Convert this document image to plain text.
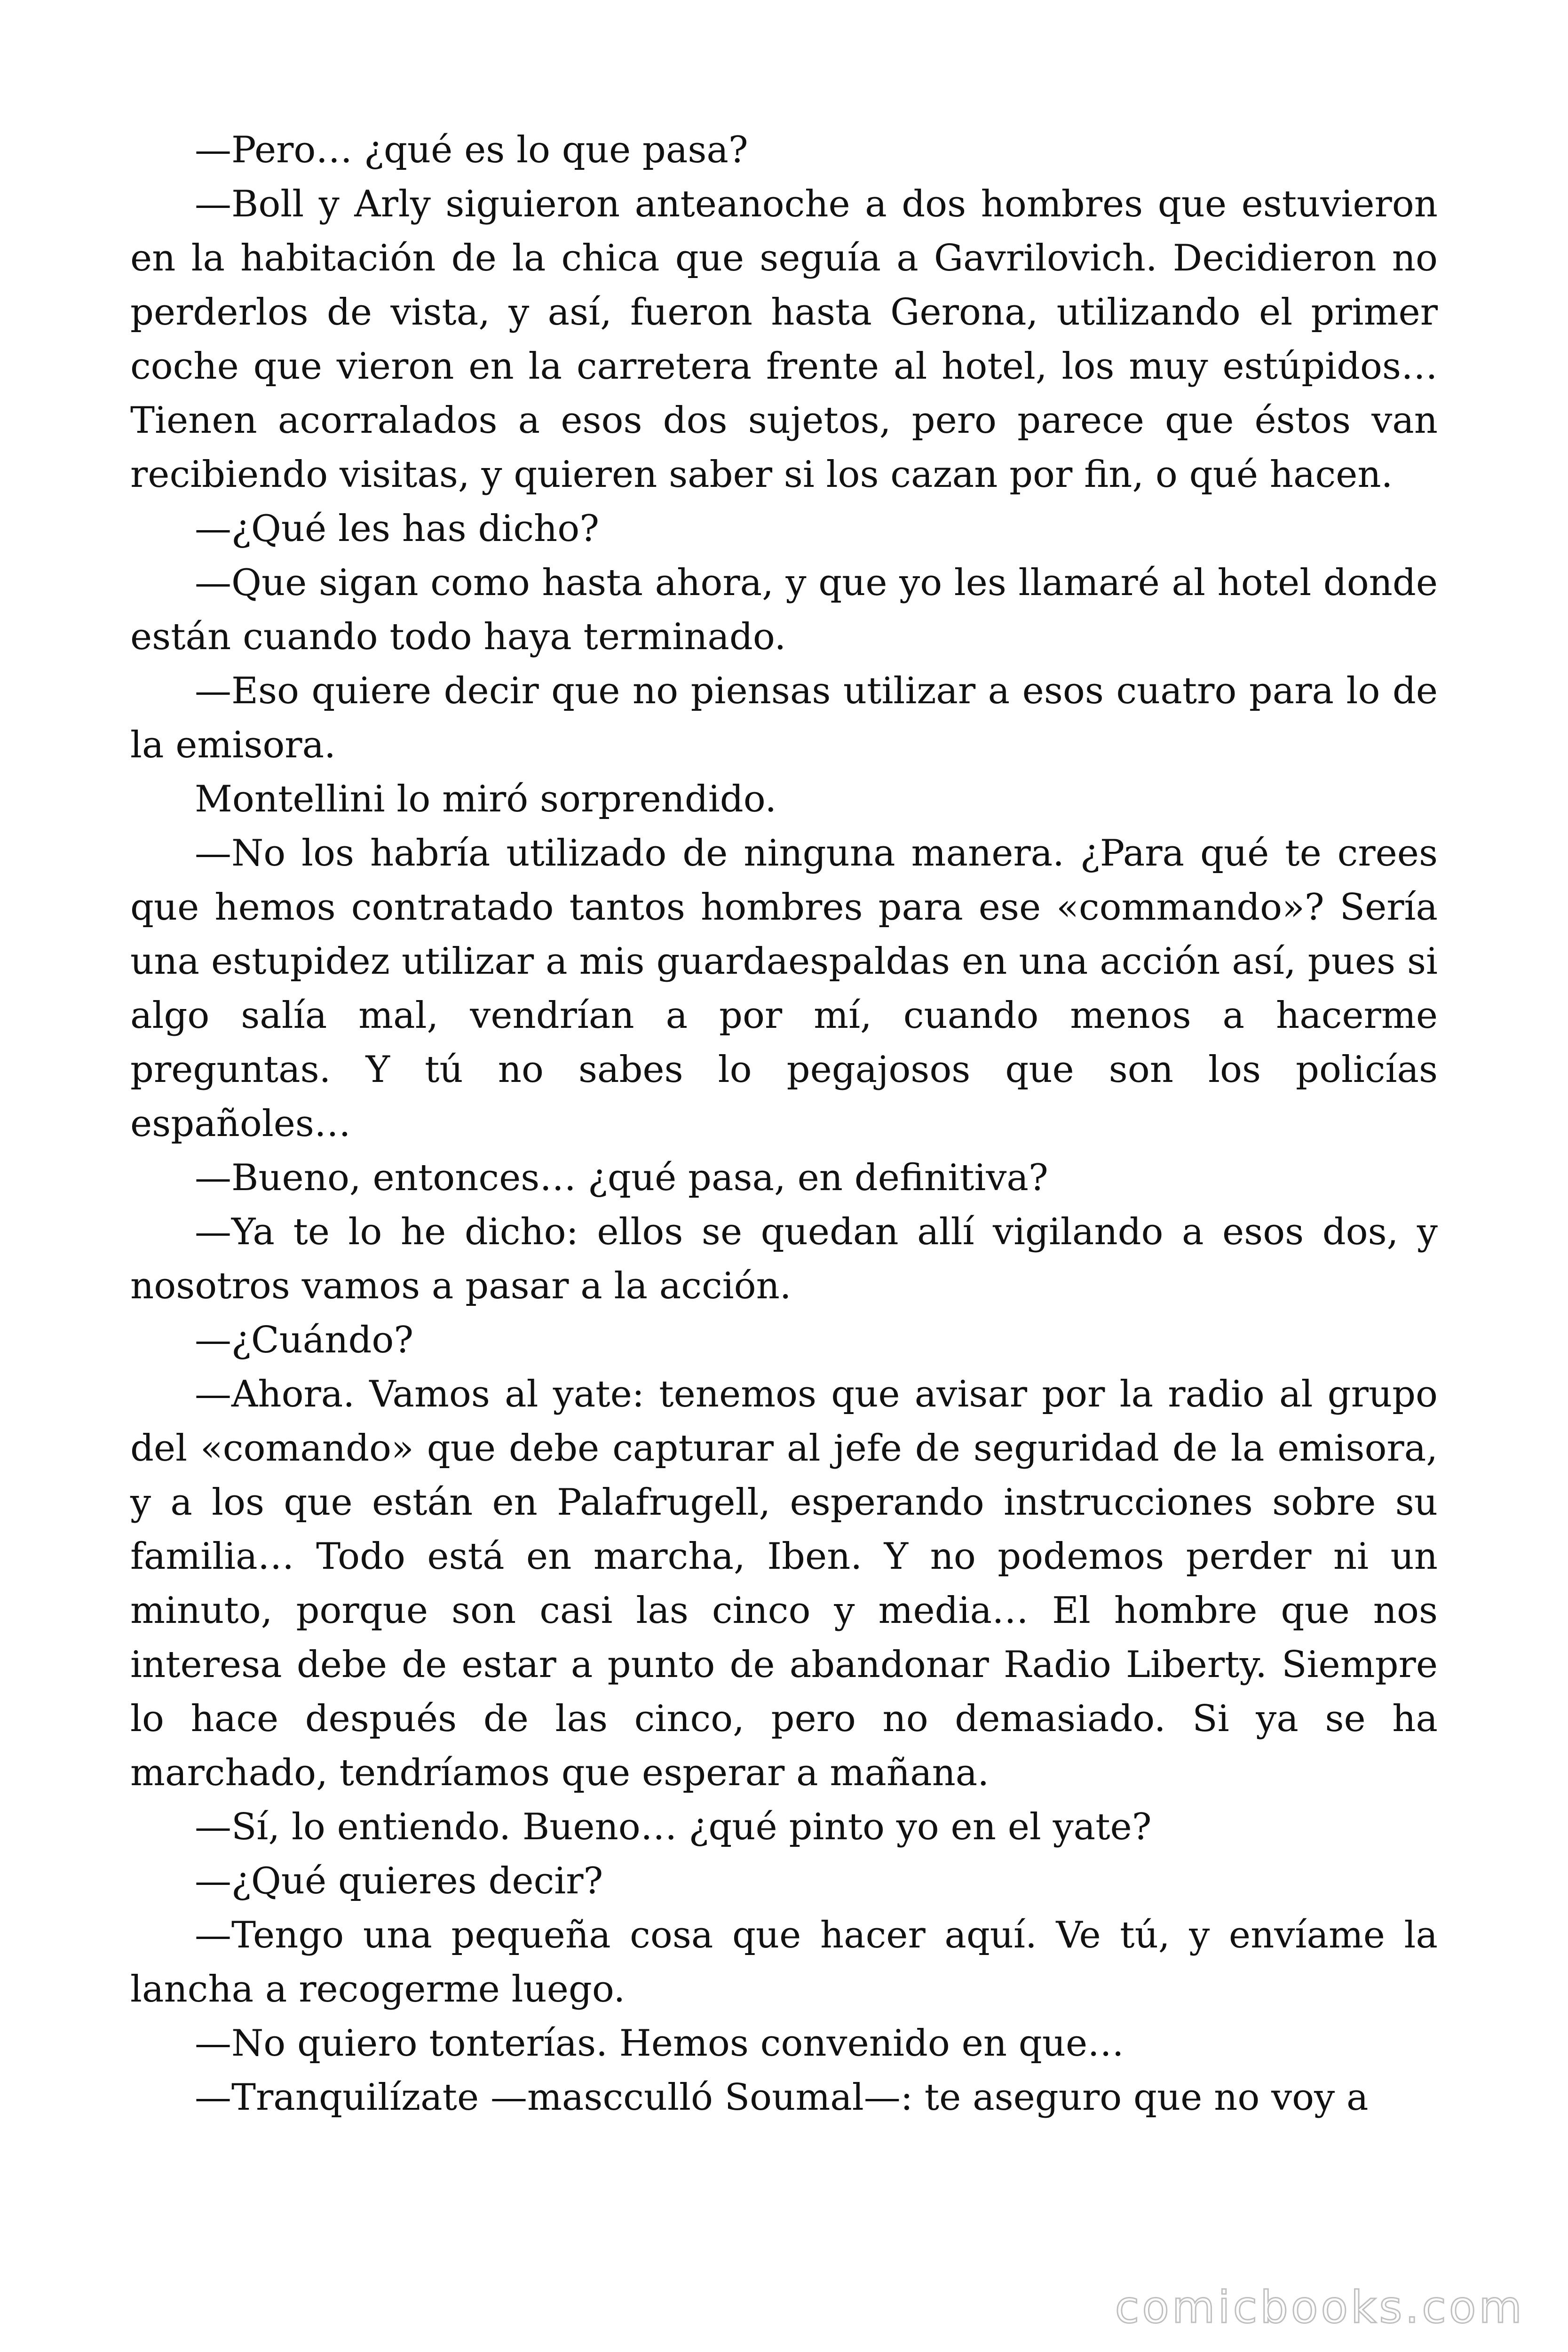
—Pero… ¿qué es lo que pasa?

—Boll y Arly siguieron anteanoche a dos hombres que estuvieron en la habitación de la chica que seguía a Gavrilovich. Decidieron no perderlos de vista, y así, fueron hasta Gerona, utilizando el primer coche que vieron en la carretera frente al hotel, los muy estúpidos… Tienen acorralados a esos dos sujetos, pero parece que éstos van recibiendo visitas, y quieren saber si los cazan por fin, o qué hacen.

—¿Qué les has dicho?

—Que sigan como hasta ahora, y que yo les llamaré al hotel donde están cuando todo haya terminado.

—Eso quiere decir que no piensas utilizar a esos cuatro para lo de la emisora.

Montellini lo miró sorprendido.

—No los habría utilizado de ninguna manera. ¿Para qué te crees que hemos contratado tantos hombres para ese «commando»? Sería una estupidez utilizar a mis guardaespaldas en una acción así, pues si algo salía mal, vendrían a por mí, cuando menos a hacerme preguntas. Y tú no sabes lo pegajosos que son los policías españoles…

—Bueno, entonces… ¿qué pasa, en definitiva?

—Ya te lo he dicho: ellos se quedan allí vigilando a esos dos, y nosotros vamos a pasar a la acción.

—¿Cuándo?

—Ahora. Vamos al yate: tenemos que avisar por la radio al grupo del «comando» que debe capturar al jefe de seguridad de la emisora, y a los que están en Palafrugell, esperando instrucciones sobre su familia… Todo está en marcha, Iben. Y no podemos perder ni un minuto, porque son casi las cinco y media… El hombre que nos interesa debe de estar a punto de abandonar Radio Liberty. Siempre lo hace después de las cinco, pero no demasiado. Si ya se ha marchado, tendríamos que esperar a mañana.

—Sí, lo entiendo. Bueno… ¿qué pinto yo en el yate?

—¿Qué quieres decir?

—Tengo una pequeña cosa que hacer aquí. Ve tú, y envíame la lancha a recogerme luego.

—No quiero tonterías. Hemos convenido en que…

—Tranquilízate —mascculló Soumal—: te aseguro que no voy a

comicbooks.com
